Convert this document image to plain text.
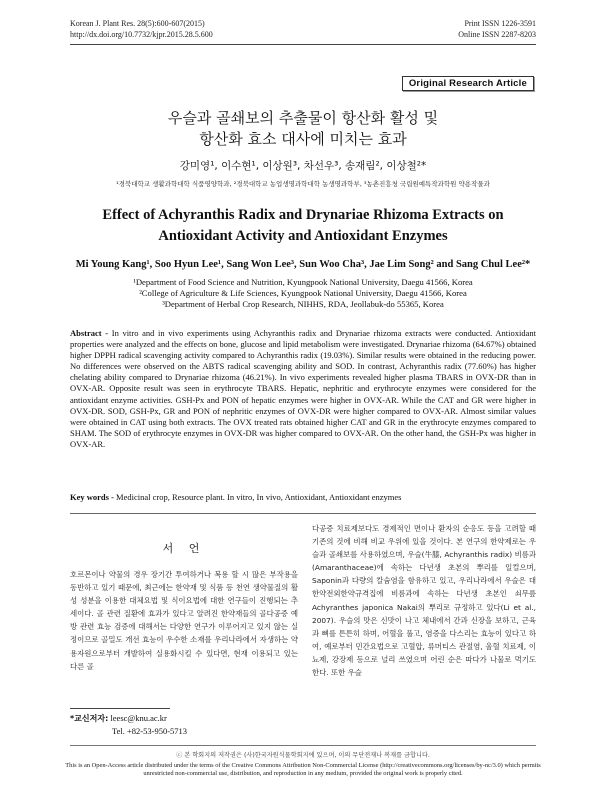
Korean J. Plant Res. 28(5):600-607(2015)
http://dx.doi.org/10.7732/kjpr.2015.28.5.600
Print ISSN 1226-3591
Online ISSN 2287-8203
Original Research Article
우슬과 골쇄보의 추출물이 항산화 활성 및
항산화 효소 대사에 미치는 효과
강미영¹, 이수현¹, 이상원³, 차선우³, 송재림², 이상철²*
¹경북대학교 생활과학대학 식품영양학과, ²경북대학교 농업생명과학대학 농생명과학부, ³농촌진흥청 국립원예특작과학원 약용작물과
Effect of Achyranthis Radix and Drynariae Rhizoma Extracts on
Antioxidant Activity and Antioxidant Enzymes
Mi Young Kang¹, Soo Hyun Lee¹, Sang Won Lee³, Sun Woo Cha³, Jae Lim Song² and Sang Chul Lee²*
¹Department of Food Science and Nutrition, Kyungpook National University, Daegu 41566, Korea
²College of Agriculture & Life Sciences, Kyungpook National University, Daegu 41566, Korea
³Department of Herbal Crop Research, NIHHS, RDA, Jeollabuk-do 55365, Korea
Abstract - In vitro and in vivo experiments using Achyranthis radix and Drynariae rhizoma extracts were conducted. Antioxidant properties were analyzed and the effects on bone, glucose and lipid metabolism were investigated. Drynariae rhizoma (64.67%) obtained higher DPPH radical scavenging activity compared to Achyranthis radix (19.03%). Similar results were obtained in the reducing power. No differences were observed on the ABTS radical scavenging ability and SOD. In contrast, Achyranthis radix (77.60%) has higher chelating ability compared to Drynariae rhizoma (46.21%). In vivo experiments revealed higher plasma TBARS in OVX-DR than in OVX-AR. Opposite result was seen in erythrocyte TBARS. Hepatic, nephritic and erythrocyte enzymes were considered for the antioxidant enzyme activities. GSH-Px and PON of hepatic enzymes were higher in OVX-AR. While the CAT and GR were higher in OVX-DR. SOD, GSH-Px, GR and PON of nephritic enzymes of OVX-DR were higher compared to OVX-AR. Almost similar values were obtained in CAT using both extracts. The OVX treated rats obtained higher CAT and GR in the erythrocyte enzymes compared to SHAM. The SOD of erythrocyte enzymes in OVX-DR was higher compared to OVX-AR. On the other hand, the GSH-Px was higher in OVX-AR.
Key words - Medicinal crop, Resource plant. In vitro, In vivo, Antioxidant, Antioxidant enzymes
서 언
호르몬이나 약물의 경우 장기간 투여하거나 복용 할 시 많은 부작용을 동반하고 있기 때문에, 최근에는 한약재 및 식품 등 천연 생약물질의 활성 성분을 이용한 대체요법 및 식이요법에 대한 연구들이 진행되는 추세이다. 골 관련 질환에 효과가 있다고 알려진 한약재들의 골다공증 예방 관련 효능 검증에 대해서는 다양한 연구가 이루어지고 있지 않는 실정이므로 골밀도 개선 효능이 우수한 소재를 우리나라에서 자생하는 약용자원으로부터 개발하여 실용화시킬 수 있다면, 현재 이용되고 있는 다른 골
다공증 치료제보다도 경제적인 면이나 환자의 순응도 등을 고려할 때 기존의 것에 비해 비교 우위에 있을 것이다. 본 연구의 한약제로는 우슬과 골쇄보를 사용하였으며, 우슬(牛膝, Achyranthis radix) 비름과(Amaranthaceae)에 속하는 다년생 초본의 뿌리를 일컬으며, Saponin과 다량의 칼슘염을 함유하고 있고, 우리나라에서 우슬은 대한약전외한약규격집에 비름과에 속하는 다년생 초본인 쇠무릎 Achyranthes japonica Nakai의 뿌리로 규정하고 있다(Li et al., 2007). 우슬의 맛은 신맛이 나고 체내에서 간과 신장을 보하고, 근육과 뼈를 튼튼히 하며, 어혈을 풀고, 염증을 다스리는 효능이 있다고 하여, 예로부터 민간요법으로 고혈압, 류머티스 관절염, 울혈 치료제, 이뇨제, 강장제 등으로 널리 쓰였으며 어린 순은 따다가 나물로 먹기도 한다. 또한 우슬
*교신저자: leesc@knu.ac.kr
Tel. +82-53-950-5713
ⓒ 본 학회지의 저작권은 (사)한국자원식물학회지에 있으며, 이의 무단전재나 복재를 금합니다.
This is an Open-Access article distributed under the terms of the Creative Commons Attribution Non-Commercial License (http://creativecommons.org/licenses/by-nc/3.0) which permits unrestricted non-commercial use, distribution, and reproduction in any medium, provided the original work is properly cited.
